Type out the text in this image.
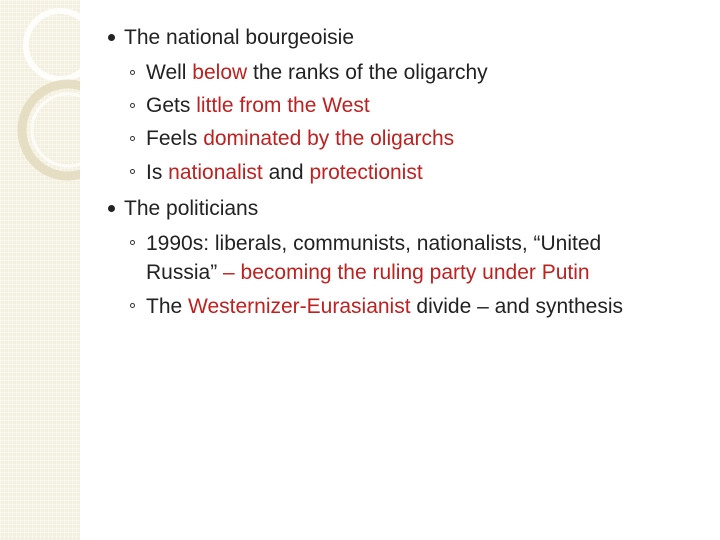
The national bourgeoisie
Well below the ranks of the oligarchy
Gets little from the West
Feels dominated by the oligarchs
Is nationalist and protectionist
The politicians
1990s: liberals, communists, nationalists, “United
Russia” – becoming the ruling party under Putin
The Westernizer-Eurasianist divide – and synthesis
